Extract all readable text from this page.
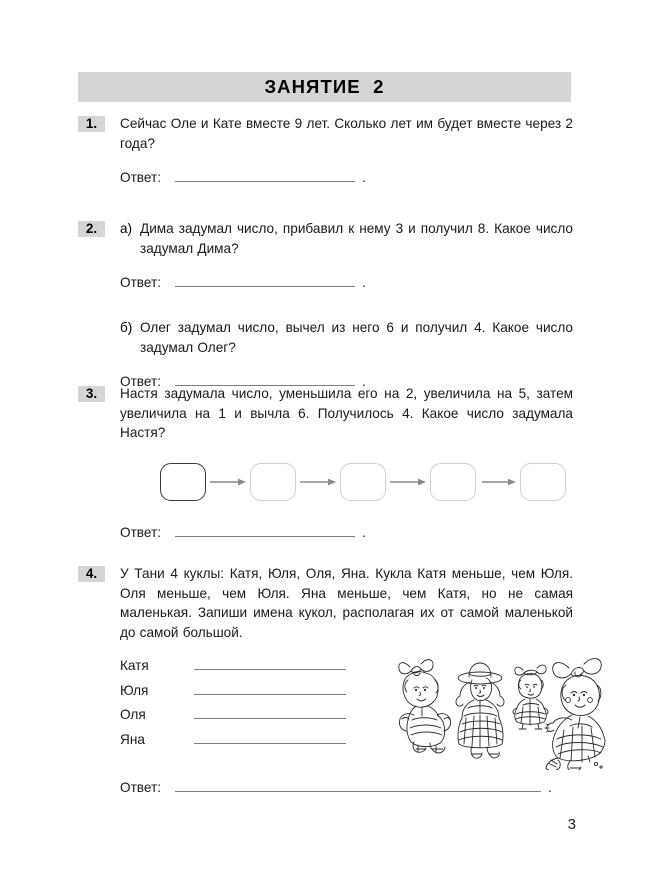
ЗАНЯТИЕ  2
1.	Сейчас Оле и Кате вместе 9 лет. Сколько лет им будет вместе через 2 года?
Ответ:	.
2.	а) Дима задумал число, прибавил к нему 3 и получил 8. Какое число задумал Дима?
Ответ:	.
б) Олег задумал число, вычел из него 6 и получил 4. Какое число задумал Олег?
Ответ:	.
3.	Настя задумала число, уменьшила его на 2, увеличила на 5, затем увеличила на 1 и вычла 6. Получилось 4. Какое число задумала Настя?
Ответ:	.
4.	У Тани 4 куклы: Катя, Юля, Оля, Яна. Кукла Катя меньше, чем Юля. Оля меньше, чем Юля. Яна меньше, чем Катя, но не самая маленькая. Запиши имена кукол, располагая их от самой маленькой до самой большой.
Катя
Юля
Оля
Яна
Ответ:	.
3
